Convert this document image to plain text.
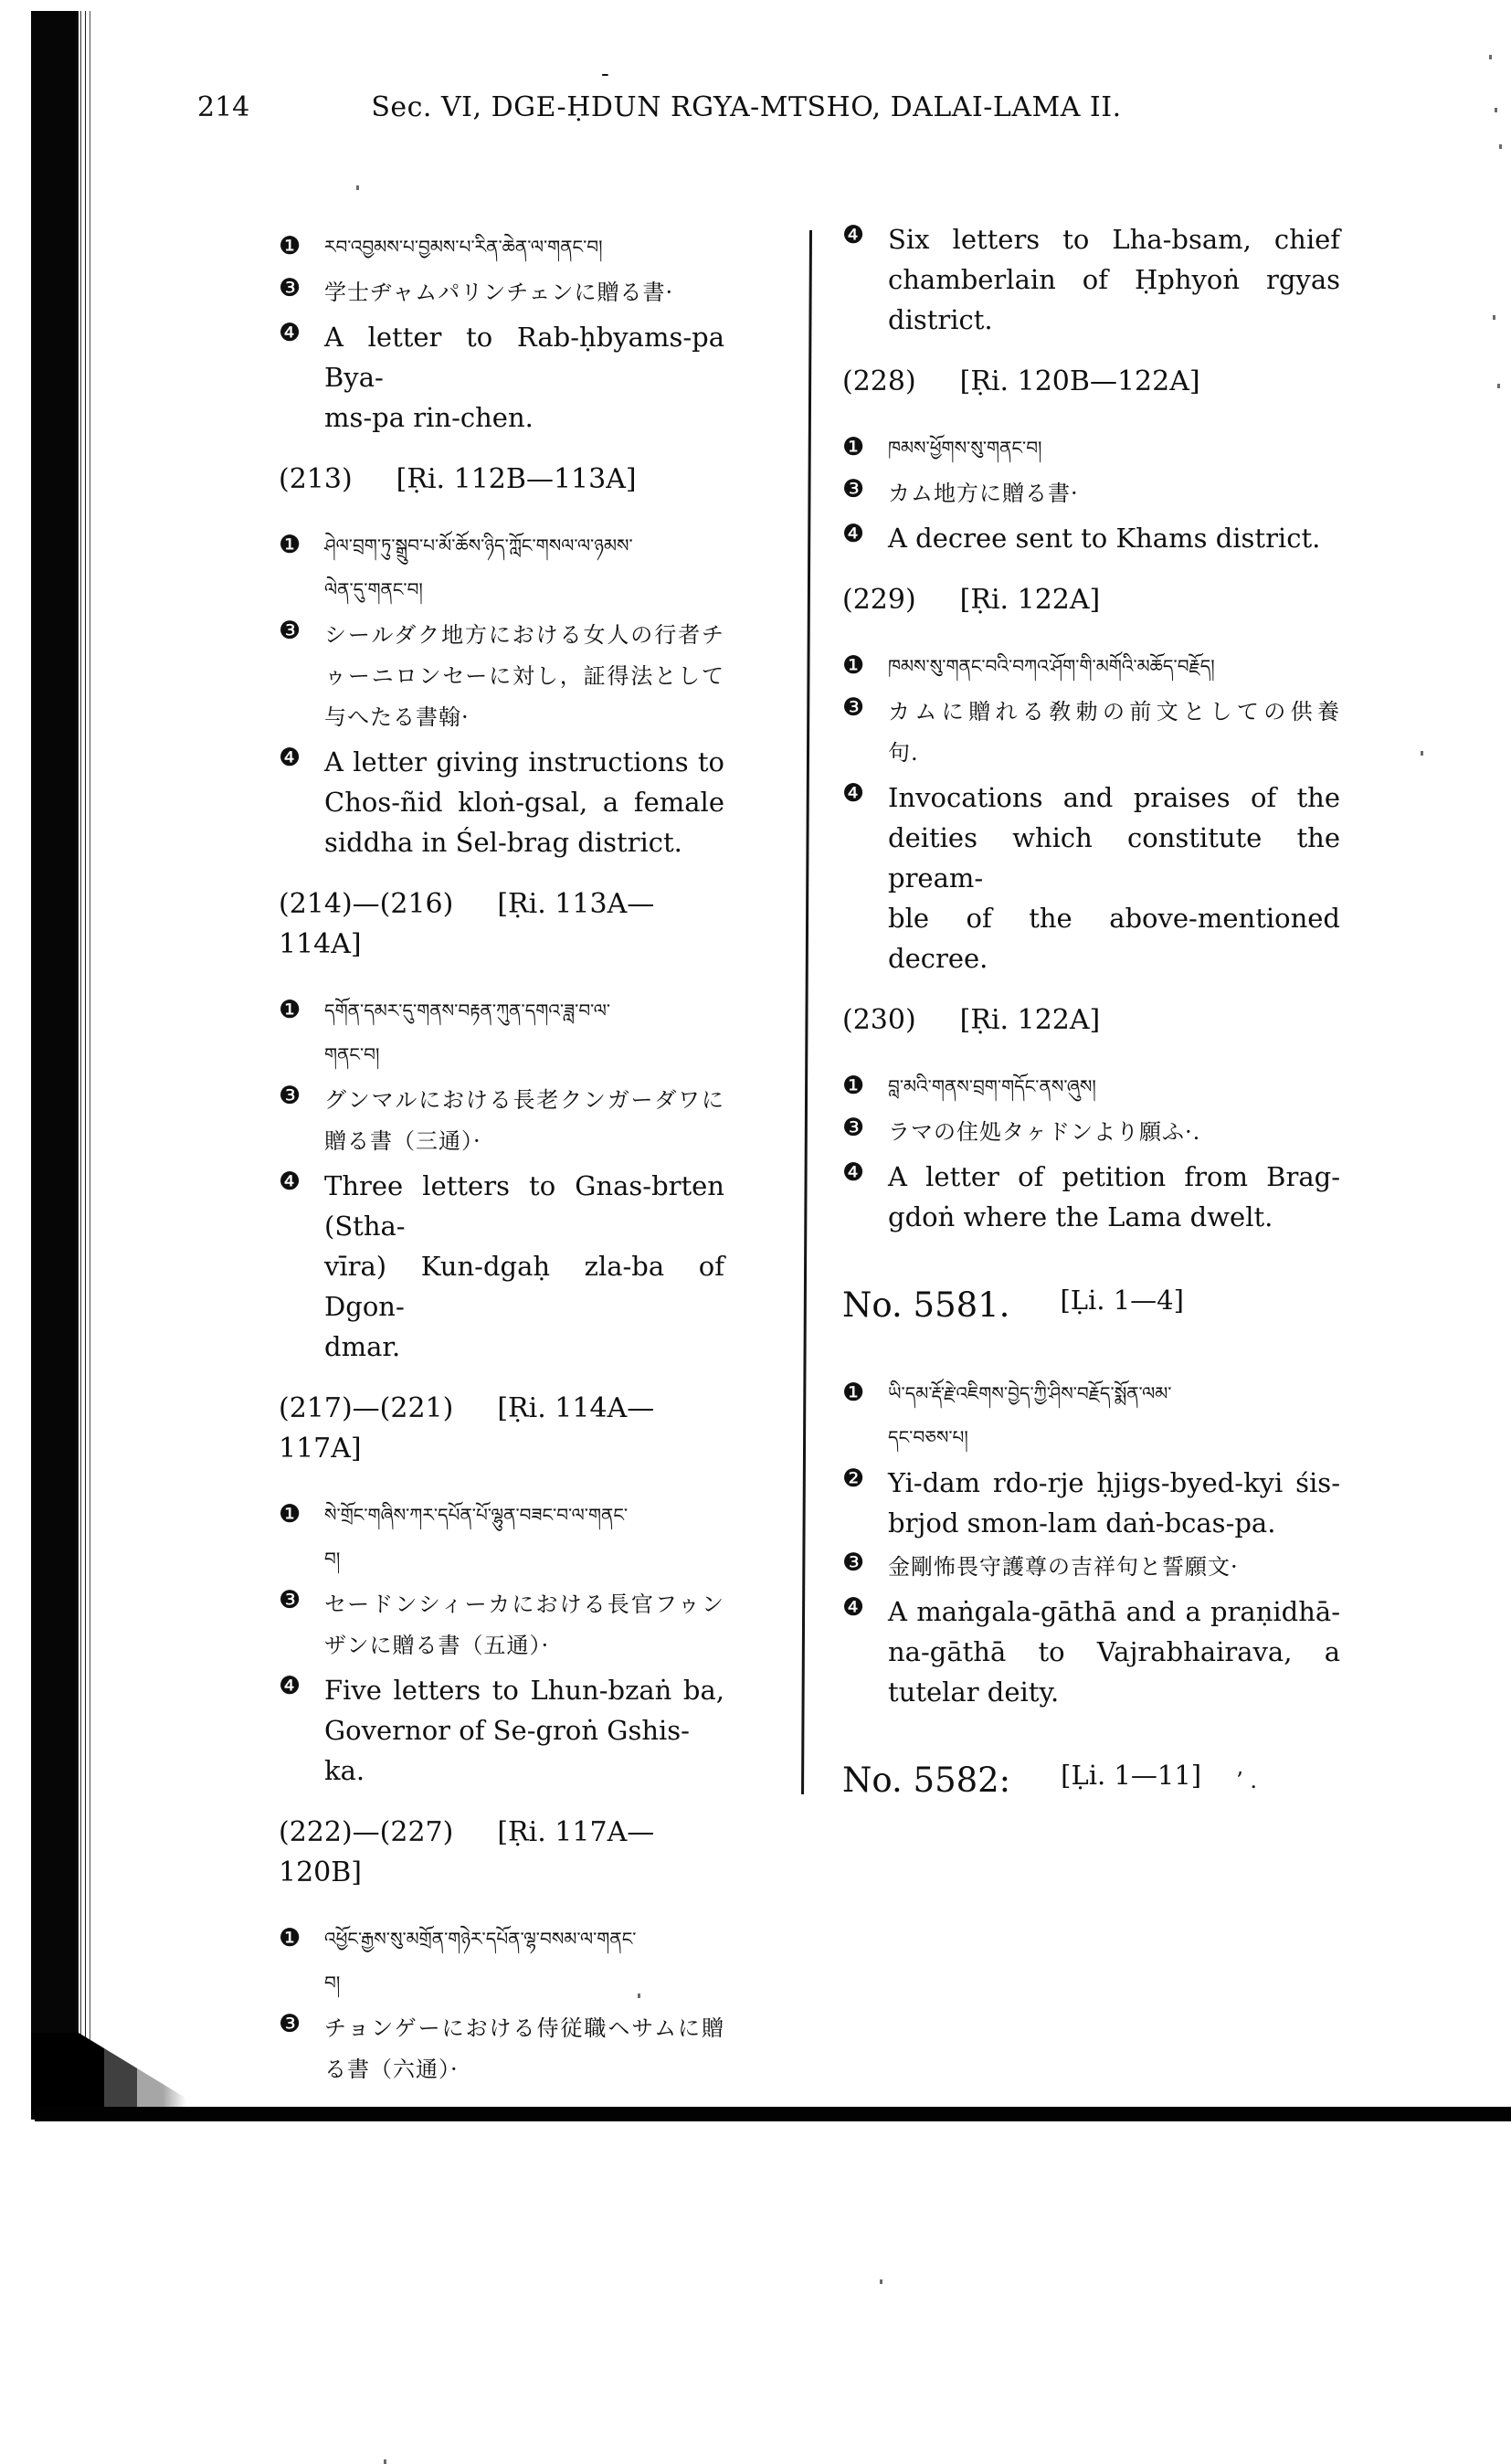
-
214	Sec. VI, DGE-ḤDUN RGYA-MTSHO, DALAI-LAMA II.
❶	རབ་འབྱམས་པ་བྱམས་པ་རིན་ཆེན་ལ་གནང་བ།
❸	学士ヂャムパリンチェンに贈る書·
❹ A letter to Rab-ḥbyams-pa Bya-
ms-pa rin-chen.
(213) [Ṛi. 112B—113A]
❶	ཤེལ་བྲག་ཏུ་སྒྲུབ་པ་མོ་ཆོས་ཉིད་ཀློང་གསལ་ལ་ཉམས་
ལེན་དུ་གནང་བ།
❸	シールダク地方における女人の行者チ
ゥーニロンセーに対し，証得法として
与へたる書翰·
❹ A letter giving instructions to
Chos-ñid kloṅ-gsal, a female
siddha in Śel-brag district.
(214)—(216) [Ṛi. 113A—114A]
❶	དགོན་དམར་དུ་གནས་བརྟན་ཀུན་དགའ་ཟླ་བ་ལ་
གནང་བ།
❸	グンマルにおける長老クンガーダワに
贈る書（三通）·
❹ Three letters to Gnas-brten (Stha-
vīra) Kun-dgaḥ zla-ba of Dgon-
dmar.
(217)—(221) [Ṛi. 114A—117A]
❶	སེ་གྲོང་གཞིས་ཀར་དཔོན་པོ་ལྷུན་བཟང་བ་ལ་གནང་
བ།
❸	セードンシィーカにおける長官フゥン
ザンに贈る書（五通）·
❹ Five letters to Lhun-bzaṅ ba,
Governor of Se-groṅ Gshis-ka.
(222)—(227) [Ṛi. 117A—120B]
❶	འཕྱོང་རྒྱས་སུ་མགྲོན་གཉེར་དཔོན་ལྷ་བསམ་ལ་གནང་
བ།
❸	チョンゲーにおける侍従職ヘサムに贈
る書（六通）·
❹ Six letters to Lha-bsam, chief
chamberlain of Ḥphyoṅ rgyas
district.
(228) [Ṛi. 120B—122A]
❶	ཁམས་ཕྱོགས་སུ་གནང་བ།
❸	カム地方に贈る書·
❹ A decree sent to Khams district.
(229) [Ṛi. 122A]
❶	ཁམས་སུ་གནང་བའི་བཀའ་ཤོག་གི་མགོའི་མཆོད་བརྗོད།
❸	カムに贈れる敎勅の前文としての供養
句.
❹ Invocations and praises of the
deities which constitute the pream-
ble of the above-mentioned
decree.
(230) [Ṛi. 122A]
❶	བླ་མའི་གནས་བྲག་གདོང་ནས་ཞུས།
❸	ラマの住処タヶドンより願ふ·.
❹ A letter of petition from Brag-
gdoṅ where the Lama dwelt.
No. 5581. [Ḷi. 1—4]
❶	ཡི་དམ་རྡོ་རྗེ་འཇིགས་བྱེད་ཀྱི་ཤིས་བརྗོད་སྨོན་ལམ་
དང་བཅས་པ།
❷ Yi-dam rdo-rje ḥjigs-byed-kyi śis-
brjod smon-lam daṅ-bcas-pa.
❸	金剛怖畏守護尊の吉祥句と誓願文·
❹ A maṅgala-gāthā and a praṇidhā-
na-gāthā to Vajrabhairava, a
tutelar deity.
No. 5582: [Ḷi. 1—11] ’ .
